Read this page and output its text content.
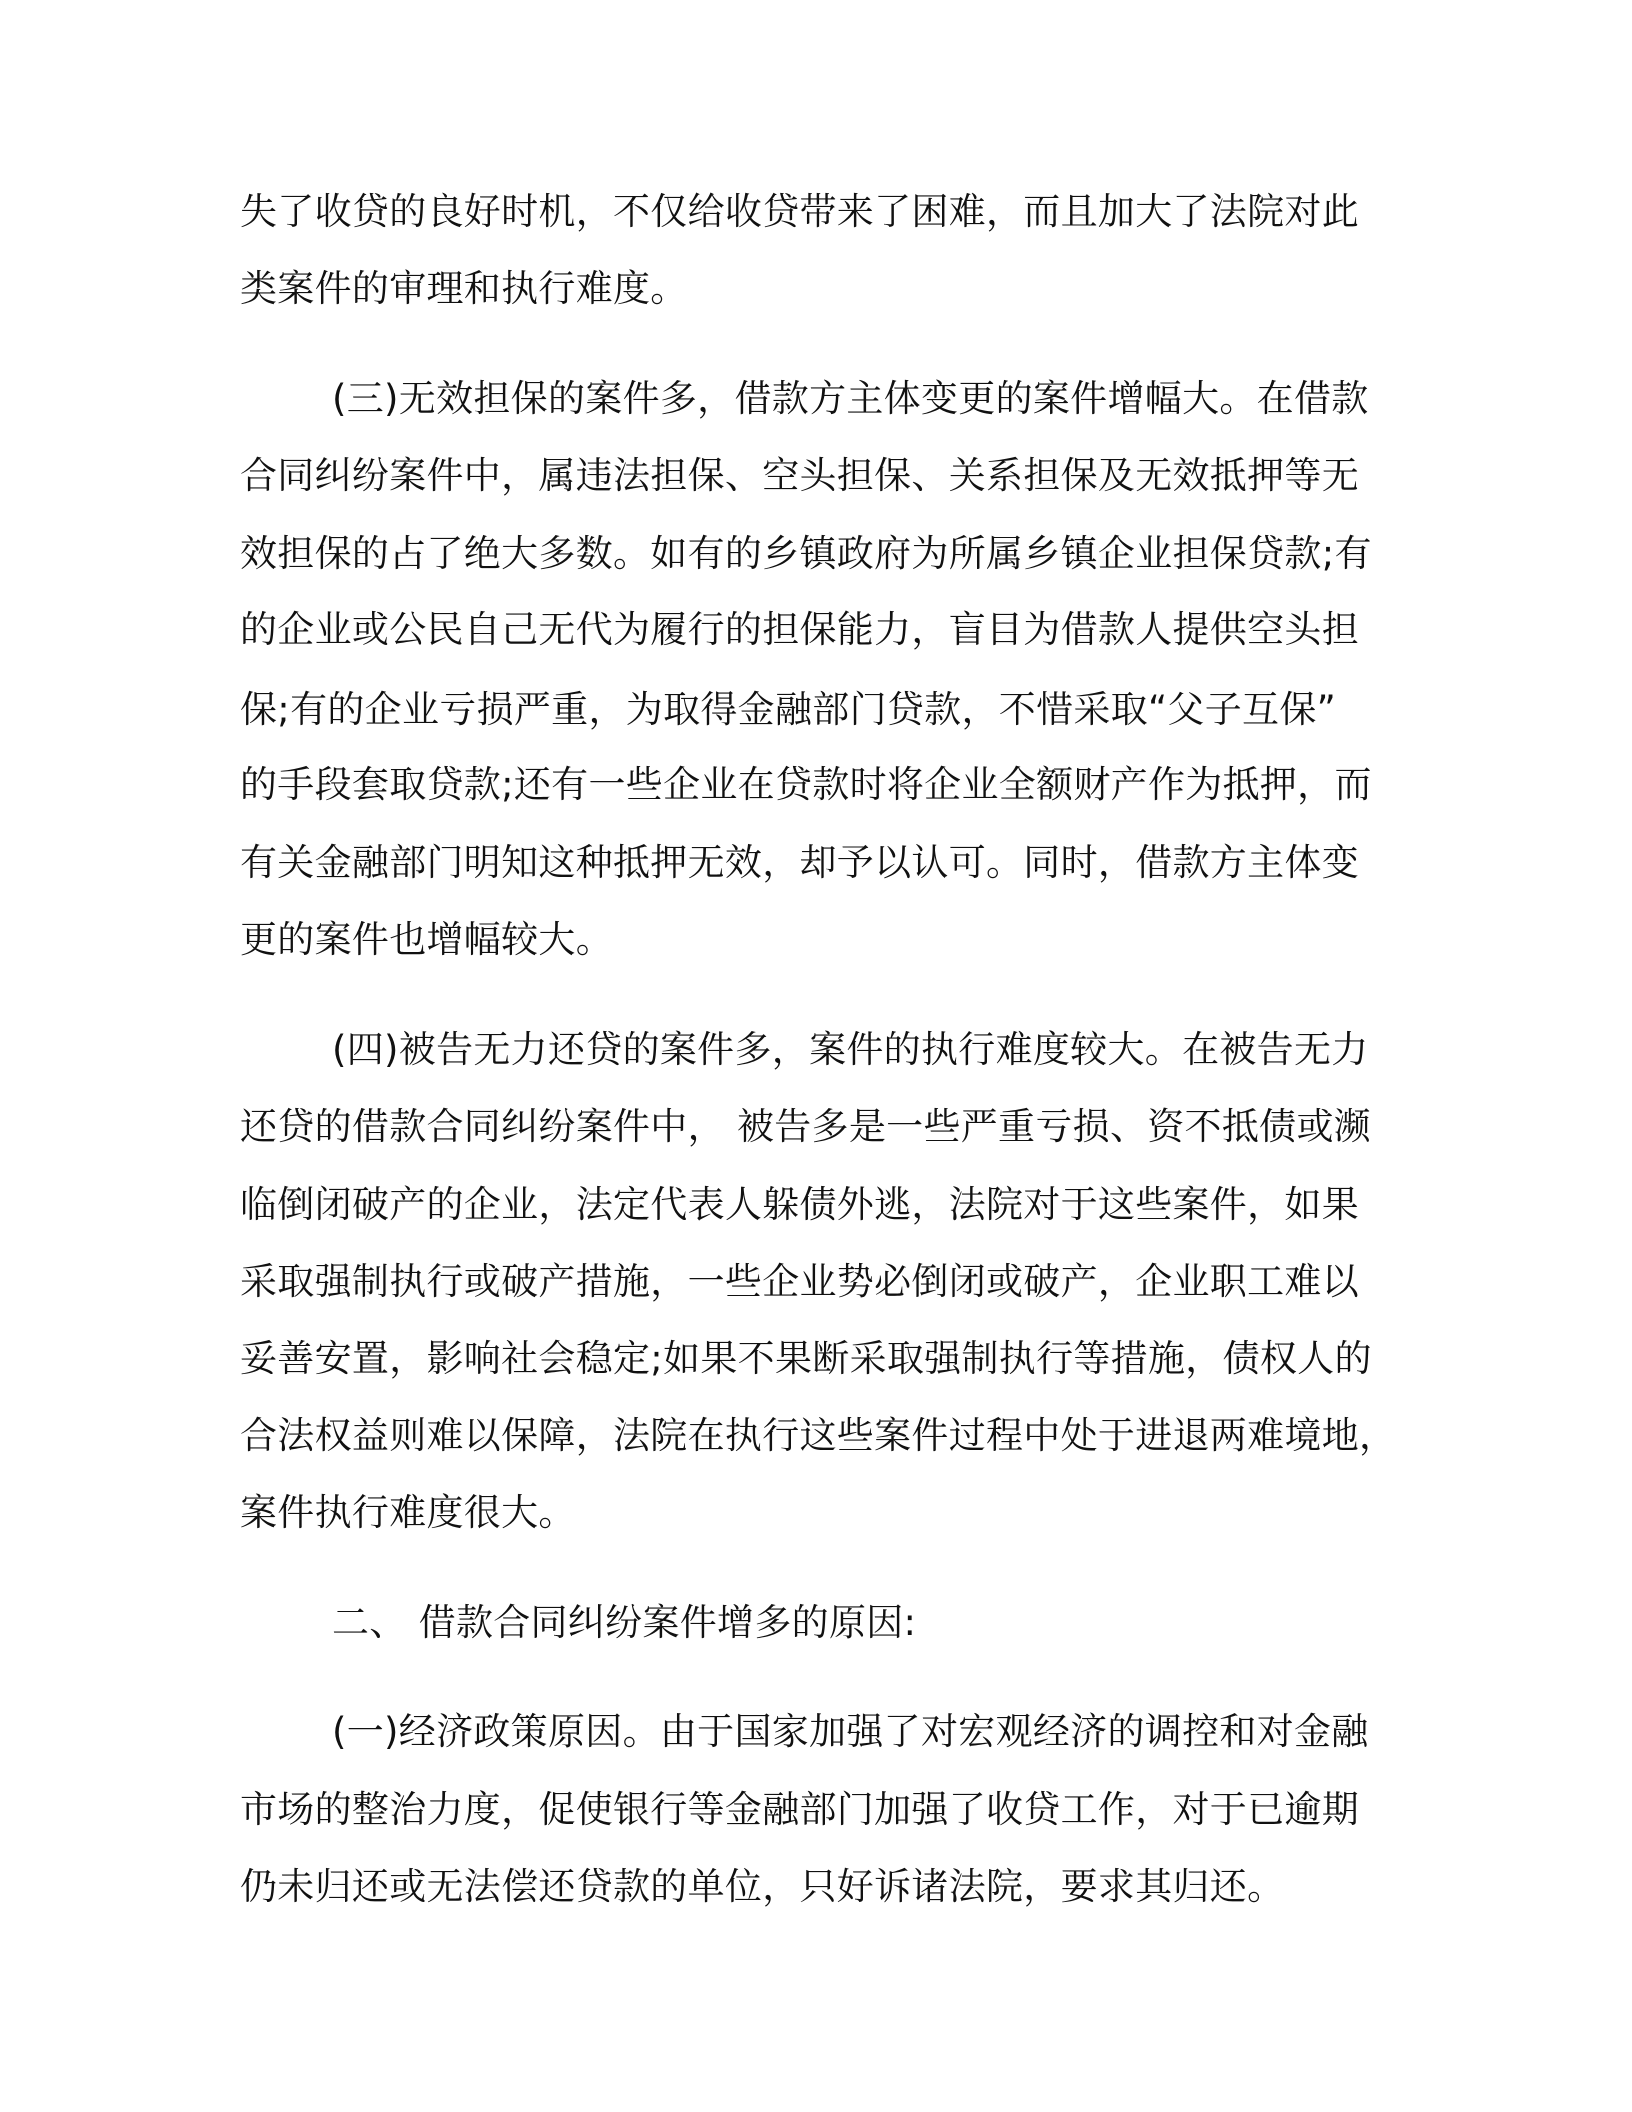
失了收贷的良好时机，不仅给收贷带来了困难，而且加大了法院对此
类案件的审理和执行难度。
(三)无效担保的案件多，借款方主体变更的案件增幅大。在借款
合同纠纷案件中，属违法担保、空头担保、关系担保及无效抵押等无
效担保的占了绝大多数。如有的乡镇政府为所属乡镇企业担保贷款;有
的企业或公民自己无代为履行的担保能力，盲目为借款人提供空头担
保;有的企业亏损严重，为取得金融部门贷款，不惜采取“父子互保”
的手段套取贷款;还有一些企业在贷款时将企业全额财产作为抵押，而
有关金融部门明知这种抵押无效，却予以认可。同时，借款方主体变
更的案件也增幅较大。
(四)被告无力还贷的案件多，案件的执行难度较大。在被告无力
还贷的借款合同纠纷案件中， 被告多是一些严重亏损、资不抵债或濒
临倒闭破产的企业，法定代表人躲债外逃，法院对于这些案件，如果
采取强制执行或破产措施，一些企业势必倒闭或破产，企业职工难以
妥善安置，影响社会稳定;如果不果断采取强制执行等措施，债权人的
合法权益则难以保障，法院在执行这些案件过程中处于进退两难境地，
案件执行难度很大。
二、 借款合同纠纷案件增多的原因:
(一)经济政策原因。由于国家加强了对宏观经济的调控和对金融
市场的整治力度，促使银行等金融部门加强了收贷工作，对于已逾期
仍未归还或无法偿还贷款的单位，只好诉诸法院，要求其归还。
